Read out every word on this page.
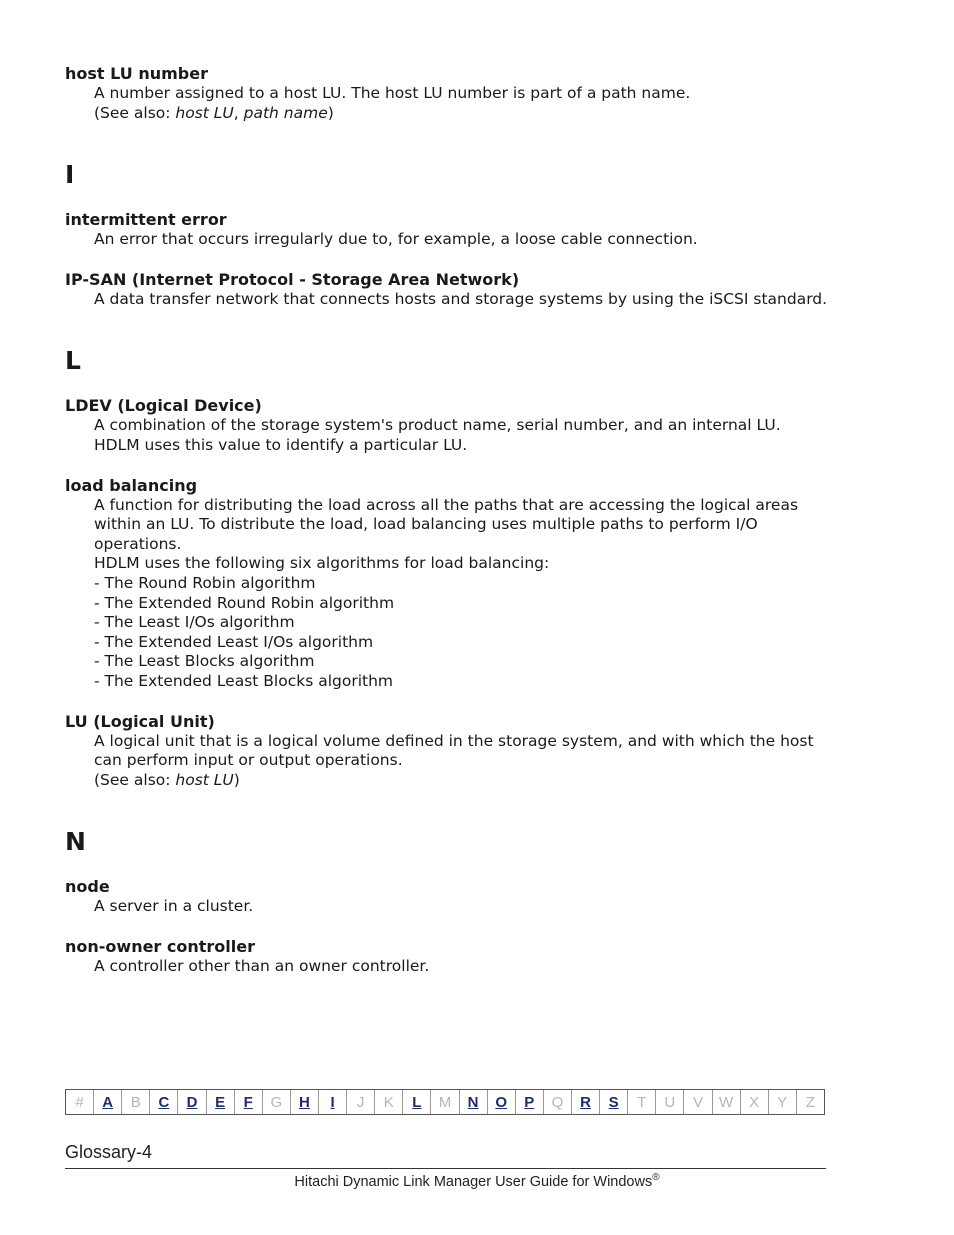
host LU number

A number assigned to a host LU. The host LU number is part of a path name.

(See also: host LU, path name)

I
intermittent error
An error that occurs irregularly due to, for example, a loose cable connection.
IP-SAN (Internet Protocol - Storage Area Network)
A data transfer network that connects hosts and storage systems by using the iSCSI standard.
L
LDEV (Logical Device)

A combination of the storage system's product name, serial number, and an internal LU.

HDLM uses this value to identify a particular LU.

load balancing

A function for distributing the load across all the paths that are accessing the logical areas within an LU. To distribute the load, load balancing uses multiple paths to perform I/O operations.

HDLM uses the following six algorithms for load balancing:

- The Round Robin algorithm

- The Extended Round Robin algorithm

- The Least I/Os algorithm

- The Extended Least I/Os algorithm

- The Least Blocks algorithm

- The Extended Least Blocks algorithm

LU (Logical Unit)

A logical unit that is a logical volume defined in the storage system, and with which the host can perform input or output operations.

(See also: host LU)

N
node
A server in a cluster.
non-owner controller
A controller other than an owner controller.
#	A	B	C	D	E	F	G	H	I	J	K	L	M	N	O	P	Q	R	S	T	U	V	W	X	Y	Z
Glossary-4
Hitachi Dynamic Link Manager User Guide for Windows®
